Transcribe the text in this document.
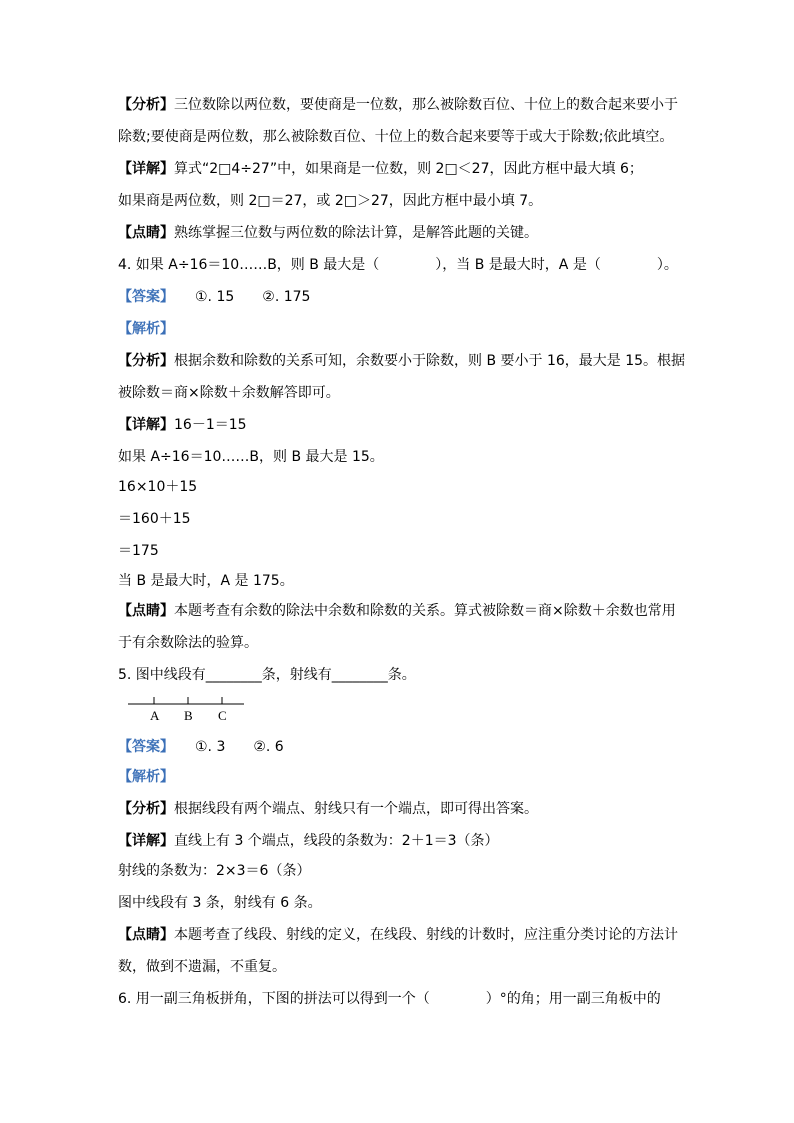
【分析】三位数除以两位数，要使商是一位数，那么被除数百位、十位上的数合起来要小于
除数;要使商是两位数，那么被除数百位、十位上的数合起来要等于或大于除数;依此填空。
【详解】算式“2□4÷27”中，如果商是一位数，则 2□＜27，因此方框中最大填 6；
如果商是两位数，则 2□＝27，或 2□＞27，因此方框中最小填 7。
【点睛】熟练掌握三位数与两位数的除法计算，是解答此题的关键。
4. 如果 A÷16＝10……B，则 B 最大是（　　　　），当 B 是最大时，A 是（　　　　）。
【答案】　　①. 15　　②. 175
【解析】
【分析】根据余数和除数的关系可知，余数要小于除数，则 B 要小于 16，最大是 15。根据
被除数＝商×除数＋余数解答即可。
【详解】16－1＝15
如果 A÷16＝10……B，则 B 最大是 15。
16×10＋15
＝160＋15
＝175
当 B 是最大时，A 是 175。
【点睛】本题考查有余数的除法中余数和除数的关系。算式被除数＝商×除数＋余数也常用
于有余数除法的验算。
5. 图中线段有________条，射线有________条。
A B C
【答案】　　①. 3　　②. 6
【解析】
【分析】根据线段有两个端点、射线只有一个端点，即可得出答案。
【详解】直线上有 3 个端点，线段的条数为：2＋1＝3（条）
射线的条数为：2×3＝6（条）
图中线段有 3 条，射线有 6 条。
【点睛】本题考查了线段、射线的定义，在线段、射线的计数时，应注重分类讨论的方法计
数，做到不遗漏，不重复。
6. 用一副三角板拼角，下图的拼法可以得到一个（　　　　）°的角；用一副三角板中的
